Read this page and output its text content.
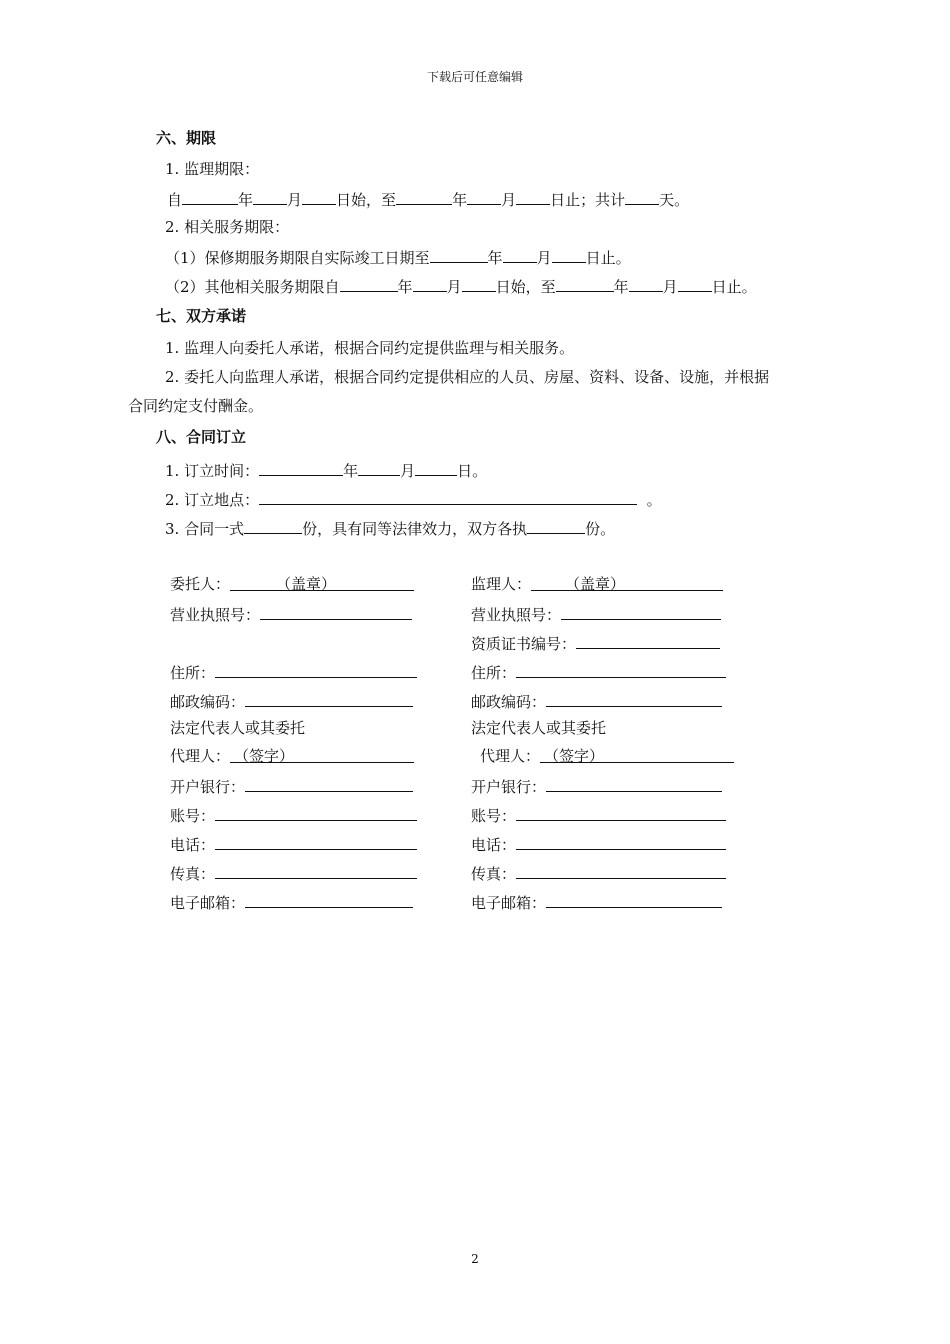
下载后可任意编辑
六、期限
1. 监理期限：
自	年 月 日始，至	年 月 日止；共计 天。
2. 相关服务期限：
（1）保修期服务期限自实际竣工日期至	年 月 日止。
（2）其他相关服务期限自	年 月 日始，至	年 月 日止。
七、双方承诺
1. 监理人向委托人承诺，根据合同约定提供监理与相关服务。
2. 委托人向监理人承诺，根据合同约定提供相应的人员、房屋、资料、设备、设施，并根据
合同约定支付酬金。
八、合同订立
1. 订立时间：	年	月	日。
2. 订立地点：	。
3. 合同一式	份，具有同等法律效力，双方各执	份。
委托人：	（盖章）
营业执照号：
住所：
邮政编码：
法定代表人或其委托
代理人： （签字）
开户银行：
账号：
电话：
传真：
电子邮箱：
监理人： （盖章）
营业执照号：
资质证书编号：
住所：
邮政编码：
法定代表人或其委托
代理人： （签字）
开户银行：
账号：
电话：
传真：
电子邮箱：
2
